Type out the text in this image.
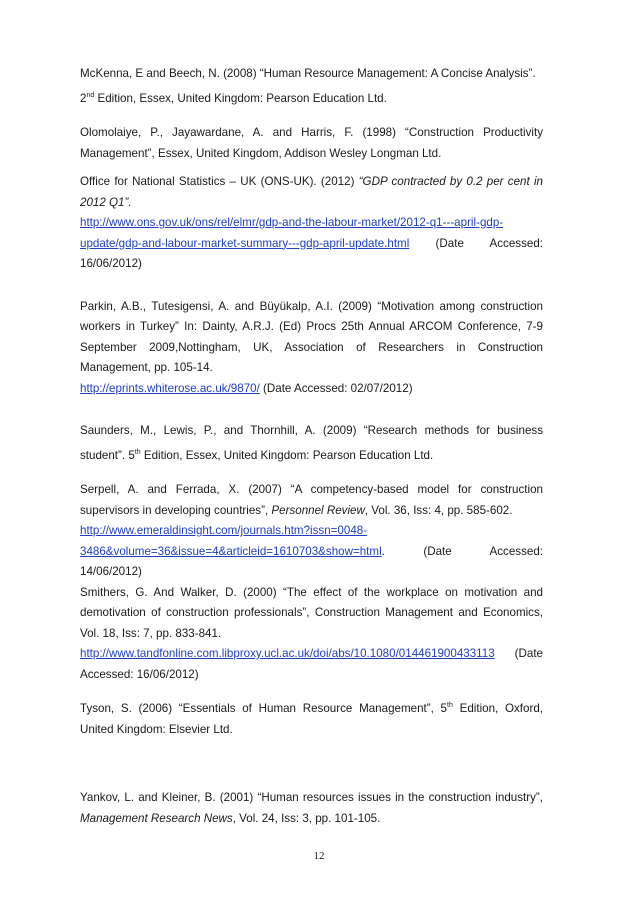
McKenna, E and Beech, N. (2008) “Human Resource Management: A Concise Analysis”.
2nd Edition, Essex, United Kingdom: Pearson Education Ltd.
Olomolaiye, P., Jayawardane, A. and Harris, F. (1998) “Construction Productivity
Management”, Essex, United Kingdom, Addison Wesley Longman Ltd.
Office for National Statistics – UK (ONS-UK). (2012) “GDP contracted by 0.2 per cent in
2012 Q1”.
http://www.ons.gov.uk/ons/rel/elmr/gdp-and-the-labour-market/2012-q1---april-gdp-
update/gdp-and-labour-market-summary---gdp-april-update.html (Date Accessed:
16/06/2012)
Parkin, A.B., Tutesigensi, A. and Büyükalp, A.I. (2009) “Motivation among construction
workers in Turkey” In: Dainty, A.R.J. (Ed) Procs 25th Annual ARCOM Conference, 7-9
September 2009,Nottingham, UK, Association of Researchers in Construction
Management, pp. 105-14.
http://eprints.whiterose.ac.uk/9870/ (Date Accessed: 02/07/2012)
Saunders, M., Lewis, P., and Thornhill, A. (2009) “Research methods for business
student”. 5th Edition, Essex, United Kingdom: Pearson Education Ltd.
Serpell, A. and Ferrada, X. (2007) “A competency-based model for construction
supervisors in developing countries”, Personnel Review, Vol. 36, Iss: 4, pp. 585-602.
http://www.emeraldinsight.com/journals.htm?issn=0048-
3486&volume=36&issue=4&articleid=1610703&show=html. (Date Accessed:
14/06/2012)
Smithers, G. And Walker, D. (2000) “The effect of the workplace on motivation and
demotivation of construction professionals”, Construction Management and Economics,
Vol. 18, Iss: 7, pp. 833-841.
http://www.tandfonline.com.libproxy.ucl.ac.uk/doi/abs/10.1080/014461900433113 (Date
Accessed: 16/06/2012)
Tyson, S. (2006) “Essentials of Human Resource Management”, 5th Edition, Oxford,
United Kingdom: Elsevier Ltd.
Yankov, L. and Kleiner, B. (2001) “Human resources issues in the construction industry”,
Management Research News, Vol. 24, Iss: 3, pp. 101-105.
12
